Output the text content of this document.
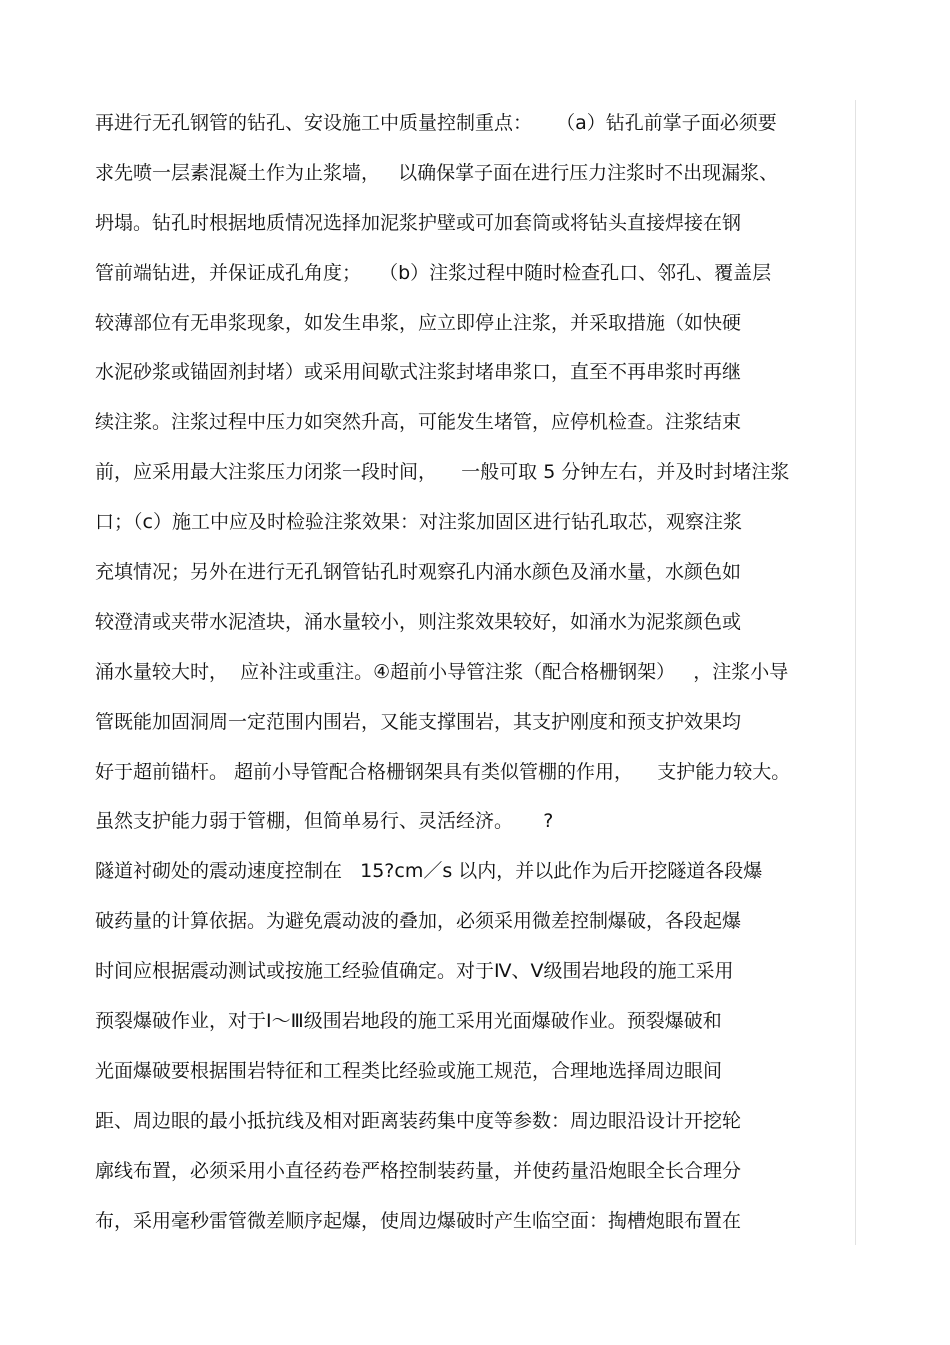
再进行无孔钢管的钻孔、安设施工中质量控制重点：    （a）钻孔前掌子面必须要
求先喷一层素混凝土作为止浆墙，   以确保掌子面在进行压力注浆时不出现漏浆、
坍塌。钻孔时根据地质情况选择加泥浆护壁或可加套筒或将钻头直接焊接在钢
管前端钻进，并保证成孔角度；   （b）注浆过程中随时检查孔口、邻孔、覆盖层
较薄部位有无串浆现象，如发生串浆，应立即停止注浆，并采取措施（如快硬
水泥砂浆或锚固剂封堵）或采用间歇式注浆封堵串浆口，直至不再串浆时再继
续注浆。注浆过程中压力如突然升高，可能发生堵管，应停机检查。注浆结束
前，应采用最大注浆压力闭浆一段时间，    一般可取 5 分钟左右，并及时封堵注浆
口；（c）施工中应及时检验注浆效果：对注浆加固区进行钻孔取芯，观察注浆
充填情况；另外在进行无孔钢管钻孔时观察孔内涌水颜色及涌水量，水颜色如
较澄清或夹带水泥渣块，涌水量较小，则注浆效果较好，如涌水为泥浆颜色或
涌水量较大时，  应补注或重注。④超前小导管注浆（配合格栅钢架）   ，注浆小导
管既能加固洞周一定范围内围岩，又能支撑围岩，其支护刚度和预支护效果均
好于超前锚杆。 超前小导管配合格栅钢架具有类似管棚的作用，    支护能力较大。
虽然支护能力弱于管棚，但简单易行、灵活经济。     ?
隧道衬砌处的震动速度控制在   15?cm／s 以内，并以此作为后开挖隧道各段爆
破药量的计算依据。为避免震动波的叠加，必须采用微差控制爆破，各段起爆
时间应根据震动测试或按施工经验值确定。对于Ⅳ、Ⅴ级围岩地段的施工采用
预裂爆破作业，对于Ⅰ～Ⅲ级围岩地段的施工采用光面爆破作业。预裂爆破和
光面爆破要根据围岩特征和工程类比经验或施工规范，合理地选择周边眼间
距、周边眼的最小抵抗线及相对距离装药集中度等参数：周边眼沿设计开挖轮
廓线布置，必须采用小直径药卷严格控制装药量，并使药量沿炮眼全长合理分
布，采用毫秒雷管微差顺序起爆，使周边爆破时产生临空面：掏槽炮眼布置在
